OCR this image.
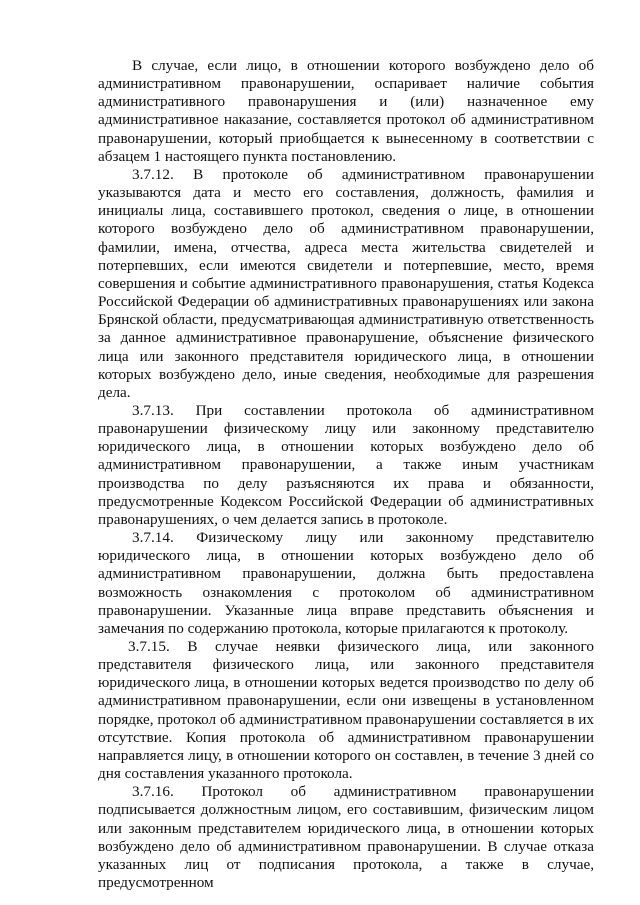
В случае, если лицо, в отношении которого возбуждено дело об административном правонарушении, оспаривает наличие события административного правонарушения и (или) назначенное ему административное наказание, составляется протокол об административном правонарушении, который приобщается к вынесенному в соответствии с абзацем 1 настоящего пункта постановлению.

3.7.12. В протоколе об административном правонарушении указываются дата и место его составления, должность, фамилия и инициалы лица, составившего протокол, сведения о лице, в отношении которого возбуждено дело об административном правонарушении, фамилии, имена, отчества, адреса места жительства свидетелей и потерпевших, если имеются свидетели и потерпевшие, место, время совершения и событие административного правонарушения, статья Кодекса Российской Федерации об административных правонарушениях или закона Брянской области, предусматривающая административную ответственность за данное административное правонарушение, объяснение физического лица или законного представителя юридического лица, в отношении которых возбуждено дело, иные сведения, необходимые для разрешения дела.

3.7.13. При составлении протокола об административном правонарушении физическому лицу или законному представителю юридического лица, в отношении которых возбуждено дело об административном правонарушении, а также иным участникам производства по делу разъясняются их права и обязанности, предусмотренные Кодексом Российской Федерации об административных правонарушениях, о чем делается запись в протоколе.

3.7.14. Физическому лицу или законному представителю юридического лица, в отношении которых возбуждено дело об административном правонарушении, должна быть предоставлена возможность ознакомления с протоколом об административном правонарушении. Указанные лица вправе представить объяснения и замечания по содержанию протокола, которые прилагаются к протоколу.

3.7.15. В случае неявки физического лица, или законного представителя физического лица, или законного представителя юридического лица, в отношении которых ведется производство по делу об административном правонарушении, если они извещены в установленном порядке, протокол об административном правонарушении составляется в их отсутствие. Копия протокола об административном правонарушении направляется лицу, в отношении которого он составлен, в течение 3 дней со дня составления указанного протокола.

3.7.16. Протокол об административном правонарушении подписывается должностным лицом, его составившим, физическим лицом или законным представителем юридического лица, в отношении которых возбуждено дело об административном правонарушении. В случае отказа указанных лиц от подписания протокола, а также в случае, предусмотренном
